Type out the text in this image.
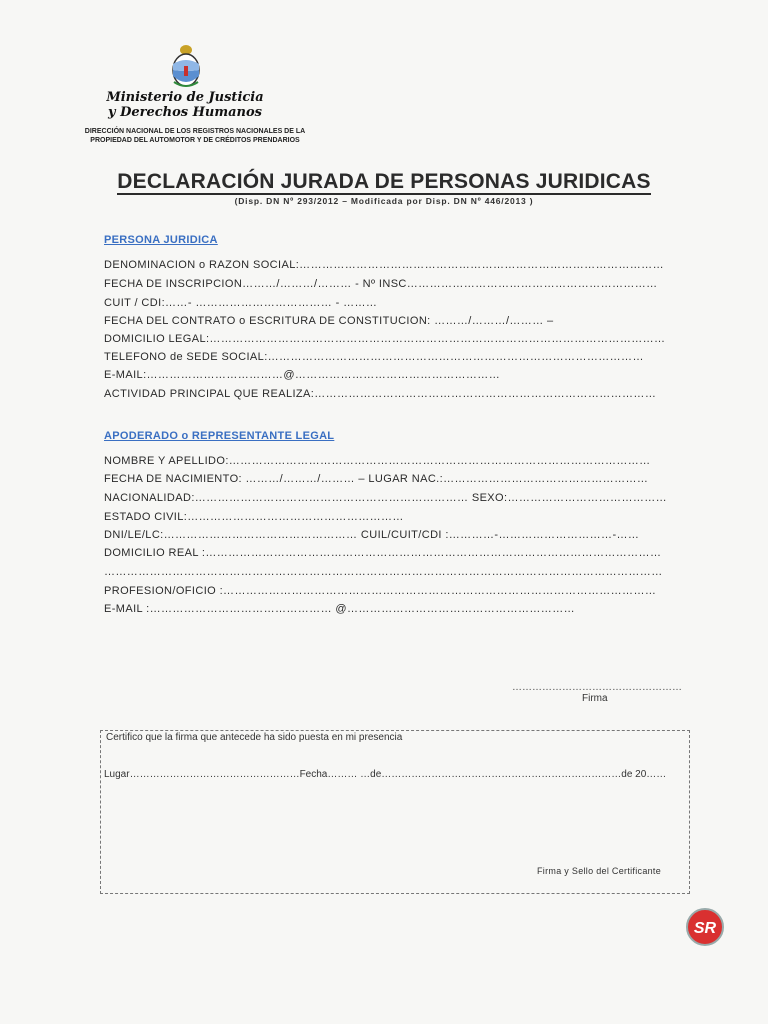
Ministerio de Justicia
y Derechos Humanos
DIRECCIÓN NACIONAL DE LOS REGISTROS NACIONALES DE LA
PROPIEDAD DEL AUTOMOTOR Y DE CRÉDITOS PRENDARIOS
DECLARACIÓN JURADA DE PERSONAS JURIDICAS
(Disp. DN Nº 293/2012 – Modificada por Disp. DN Nº 446/2013 )
PERSONA JURIDICA
DENOMINACION o RAZON SOCIAL:……………………………………………………………………………………
FECHA DE INSCRIPCION………/………/……… - Nº INSC…………………………………………………………
CUIT / CDI:……- ……………………………… - ………
FECHA DEL CONTRATO o ESCRITURA DE CONSTITUCION: ………/………/……… –
DOMICILIO LEGAL:…………………………………………………………………………………………………………
TELEFONO de SEDE SOCIAL:………………………………………………………………………………………
E-MAIL:………………………………@………………………………………………
ACTIVIDAD PRINCIPAL QUE REALIZA:………………………………………………………………………………
APODERADO o REPRESENTANTE LEGAL
NOMBRE Y APELLIDO:…………………………………………………………………………………………………
FECHA DE NACIMIENTO: ………/………/……… – LUGAR NAC.:………………………………………………
NACIONALIDAD:……………………………………………………………… SEXO:……………………………………
ESTADO CIVIL:…………………………………………………
DNI/LE/LC:…………………………………………… CUIL/CUIT/CDI :…………-…………………………-……
DOMICILIO REAL :…………………………………………………………………………………………………………
…………………………………………………………………………………………………………………………………
PROFESION/OFICIO :……………………………………………………………………………………………………
E-MAIL :………………………………………… @……………………………………………………
……………………………………………
Firma
Certifico que la firma que antecede ha sido puesta en mi presencia
Lugar……………………………………………Fecha……… …de………………………………………………………………de 20……
Firma y Sello del Certificante
SR
